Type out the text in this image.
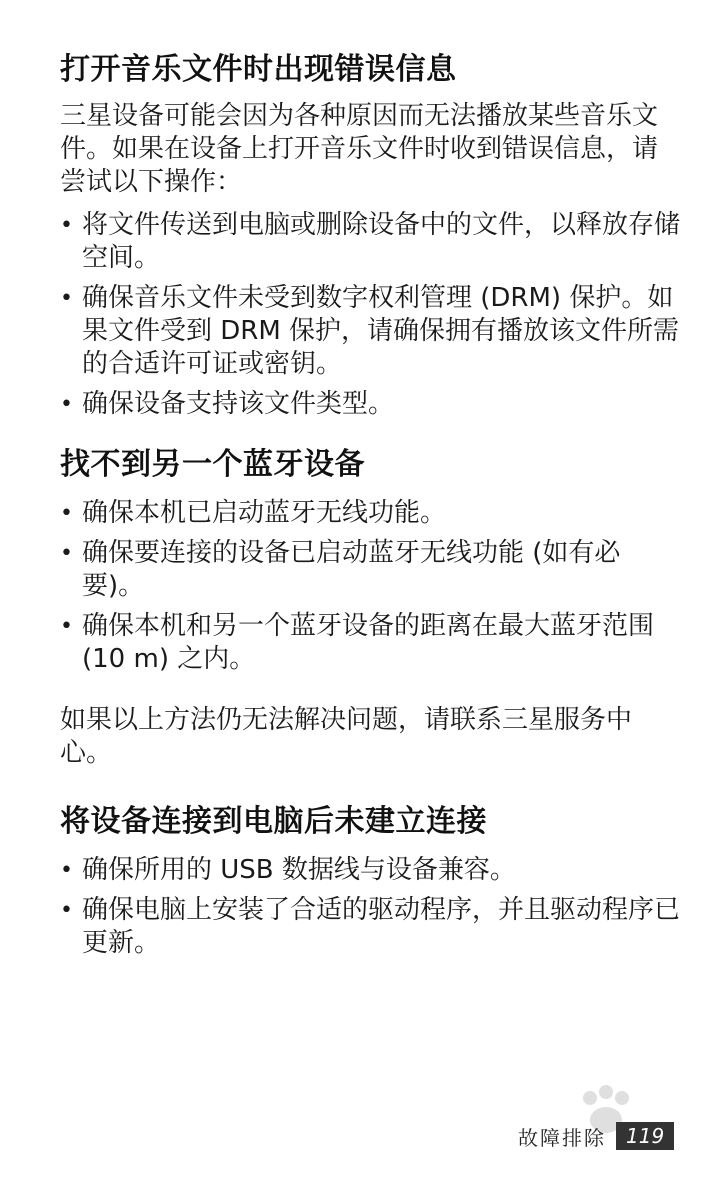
打开音乐文件时出现错误信息

三星设备可能会因为各种原因而无法播放某些音乐文件。如果在设备上打开音乐文件时收到错误信息，请尝试以下操作：

• 将文件传送到电脑或删除设备中的文件，以释放存储空间。
• 确保音乐文件未受到数字权利管理 (DRM) 保护。如果文件受到 DRM 保护，请确保拥有播放该文件所需的合适许可证或密钥。
• 确保设备支持该文件类型。
找不到另一个蓝牙设备
• 确保本机已启动蓝牙无线功能。
• 确保要连接的设备已启动蓝牙无线功能 (如有必要)。
• 确保本机和另一个蓝牙设备的距离在最大蓝牙范围 (10 m) 之内。

如果以上方法仍无法解决问题，请联系三星服务中心。

将设备连接到电脑后未建立连接
• 确保所用的 USB 数据线与设备兼容。
• 确保电脑上安装了合适的驱动程序，并且驱动程序已更新。
故障排除	119
